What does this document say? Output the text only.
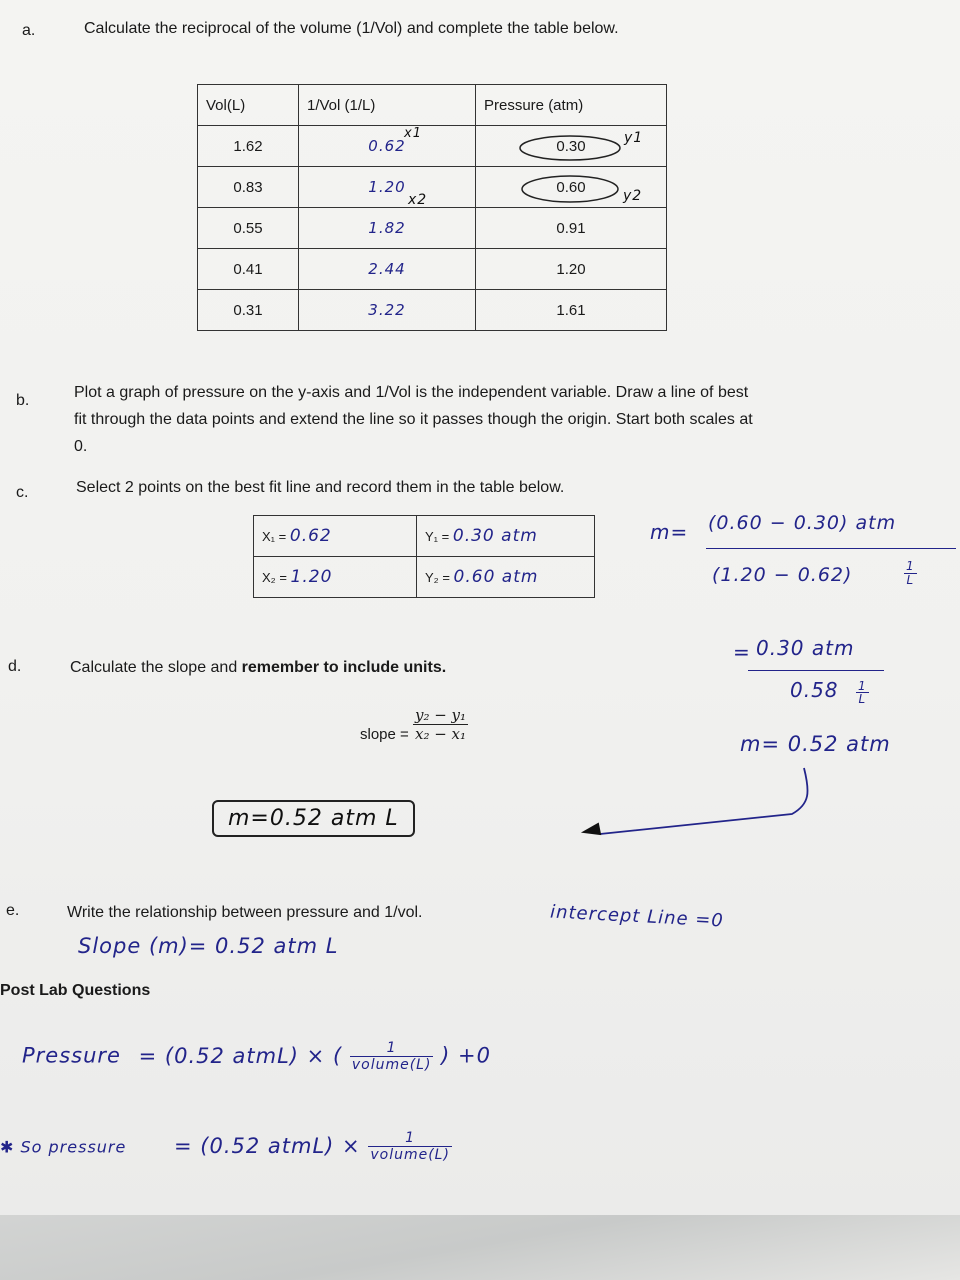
a.	Calculate the reciprocal of the volume (1/Vol) and complete the table below.
Vol(L)	1/Vol (1/L)	Pressure (atm)
1.62	0.62	0.30
0.83	1.20	0.60
0.55	1.82	0.91
0.41	2.44	1.20
0.31	3.22	1.61
x1
x2
y1
y2
b.	Plot a graph of pressure on the y-axis and 1/Vol is the independent variable. Draw a line of best
fit through the data points and extend the line so it passes though the origin. Start both scales at
0.
c.	Select 2 points on the best fit line and record them in the table below.
X₁ = 0.62	Y₁ = 0.30 atm
X₂ = 1.20	Y₂ = 0.60 atm
m= (0.60 − 0.30) atm
(1.20 − 0.62)	$\frac{1}{L}$
= 0.30 atm
$0.58 \frac{1}{L}$
m= 0.52 atm
d.	Calculate the slope and remember to include units.
slope = $\frac{\text{y₂ − y₁}}{\text{x₂ − x₁}}$
m=0.52 atm L
e.	Write the relationship between pressure and 1/vol.
Slope (m)= 0.52 atm L
intercept Line =0
Post Lab Questions
Pressure = (0.52 atmL) × ( $\frac{1}{\text{volume(L)}}$ ) +0
✱ So pressure = (0.52 atmL) × $\frac{1}{\text{volume(L)}}$
